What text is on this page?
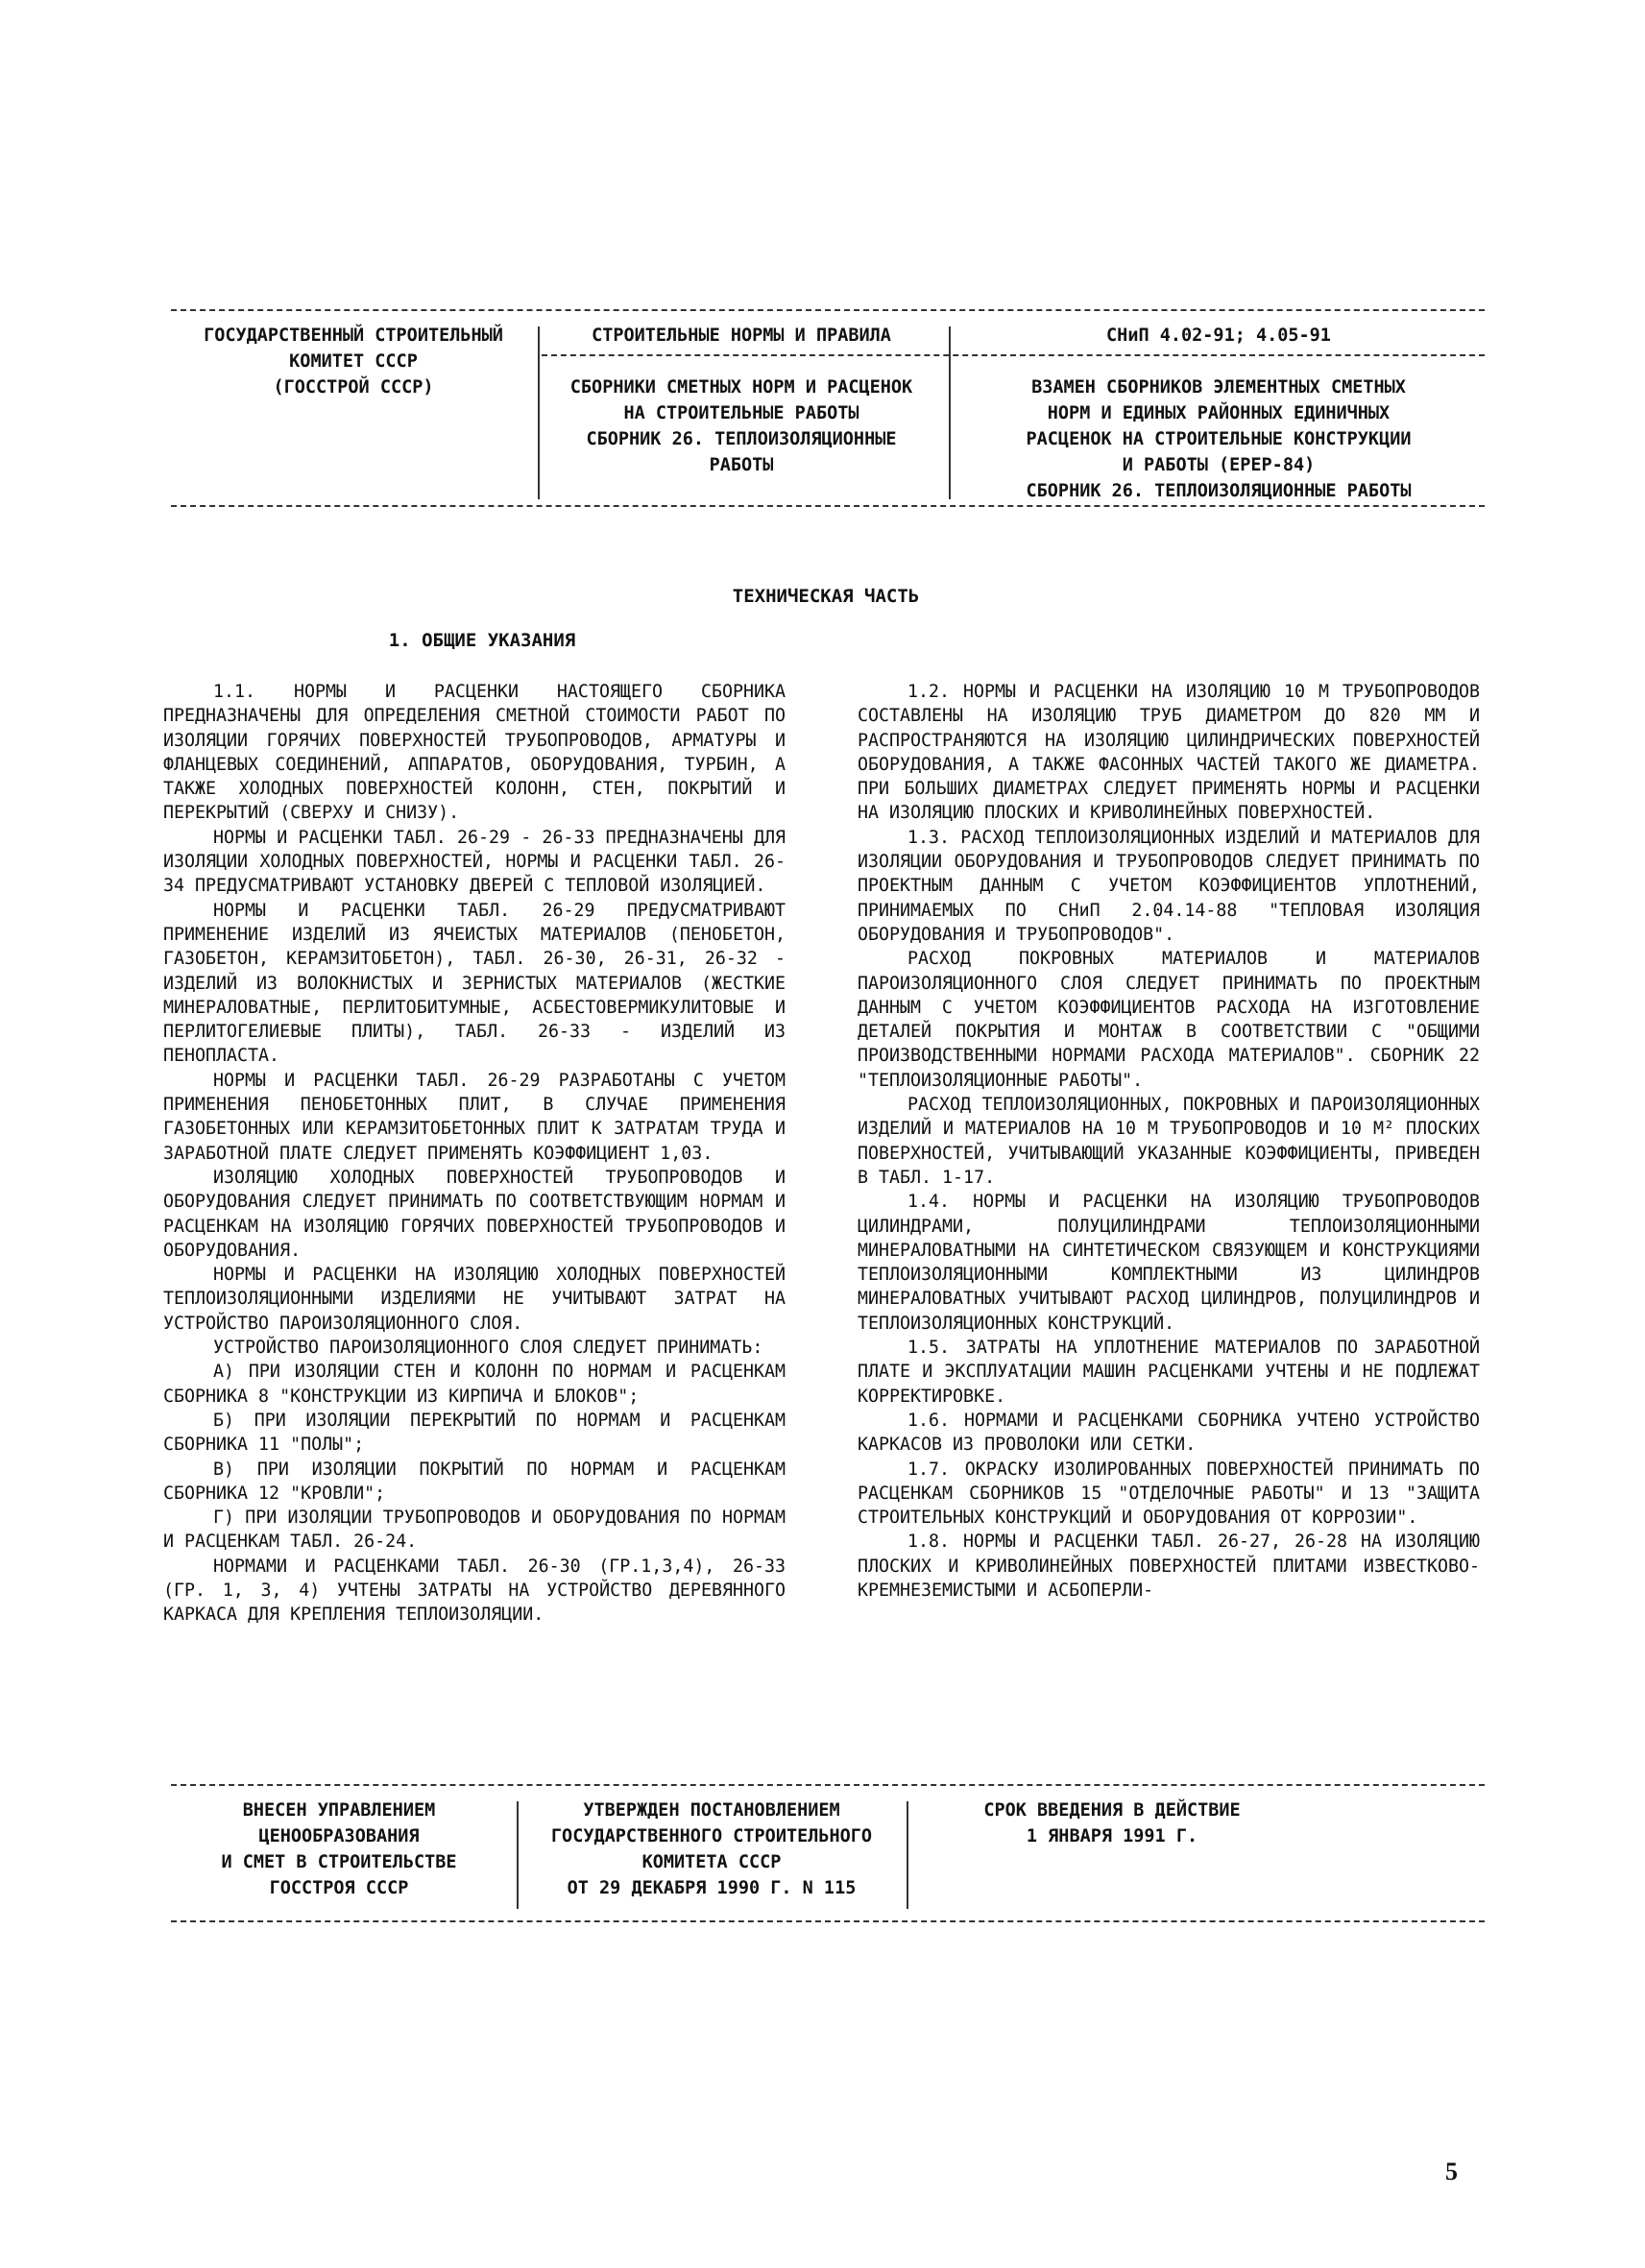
ГОСУДАРСТВЕННЫЙ СТРОИТЕЛЬНЫЙ
КОМИТЕТ СССР
(ГОССТРОЙ СССР)
СТРОИТЕЛЬНЫЕ НОРМЫ И ПРАВИЛА
СБОРНИКИ СМЕТНЫХ НОРМ И РАСЦЕНОК
НА СТРОИТЕЛЬНЫЕ РАБОТЫ
СБОРНИК 26. ТЕПЛОИЗОЛЯЦИОННЫЕ
РАБОТЫ
СНиП 4.02-91; 4.05-91
ВЗАМЕН СБОРНИКОВ ЭЛЕМЕНТНЫХ СМЕТНЫХ
НОРМ И ЕДИНЫХ РАЙОННЫХ ЕДИНИЧНЫХ
РАСЦЕНОК НА СТРОИТЕЛЬНЫЕ КОНСТРУКЦИИ
И РАБОТЫ (ЕРЕР-84)
СБОРНИК 26. ТЕПЛОИЗОЛЯЦИОННЫЕ РАБОТЫ
ТЕХНИЧЕСКАЯ ЧАСТЬ
1. ОБЩИЕ УКАЗАНИЯ

1.1. НОРМЫ И РАСЦЕНКИ НАСТОЯЩЕГО СБОРНИКА ПРЕДНАЗНАЧЕНЫ ДЛЯ ОПРЕДЕЛЕНИЯ СМЕТНОЙ СТОИМОСТИ РАБОТ ПО ИЗОЛЯЦИИ ГОРЯЧИХ ПОВЕРХНОСТЕЙ ТРУБОПРОВОДОВ, АРМАТУРЫ И ФЛАНЦЕВЫХ СОЕДИНЕНИЙ, АППАРАТОВ, ОБОРУДОВАНИЯ, ТУРБИН, А ТАКЖЕ ХОЛОДНЫХ ПОВЕРХНОСТЕЙ КОЛОНН, СТЕН, ПОКРЫТИЙ И ПЕРЕКРЫТИЙ (СВЕРХУ И СНИЗУ).

НОРМЫ И РАСЦЕНКИ ТАБЛ. 26-29 - 26-33 ПРЕДНАЗНАЧЕНЫ ДЛЯ ИЗОЛЯЦИИ ХОЛОДНЫХ ПОВЕРХНОСТЕЙ, НОРМЫ И РАСЦЕНКИ ТАБЛ. 26-34 ПРЕДУСМАТРИВАЮТ УСТАНОВКУ ДВЕРЕЙ С ТЕПЛОВОЙ ИЗОЛЯЦИЕЙ.

НОРМЫ И РАСЦЕНКИ ТАБЛ. 26-29 ПРЕДУСМАТРИВАЮТ ПРИМЕНЕНИЕ ИЗДЕЛИЙ ИЗ ЯЧЕИСТЫХ МАТЕРИАЛОВ (ПЕНОБЕТОН, ГАЗОБЕТОН, КЕРАМЗИТОБЕТОН), ТАБЛ. 26-30, 26-31, 26-32 - ИЗДЕЛИЙ ИЗ ВОЛОКНИСТЫХ И ЗЕРНИСТЫХ МАТЕРИАЛОВ (ЖЕСТКИЕ МИНЕРАЛОВАТНЫЕ, ПЕРЛИТОБИТУМНЫЕ, АСБЕСТОВЕРМИКУЛИТОВЫЕ И ПЕРЛИТОГЕЛИЕВЫЕ ПЛИТЫ), ТАБЛ. 26-33 - ИЗДЕЛИЙ ИЗ ПЕНОПЛАСТА.

НОРМЫ И РАСЦЕНКИ ТАБЛ. 26-29 РАЗРАБОТАНЫ С УЧЕТОМ ПРИМЕНЕНИЯ ПЕНОБЕТОННЫХ ПЛИТ, В СЛУЧАЕ ПРИМЕНЕНИЯ ГАЗОБЕТОННЫХ ИЛИ КЕРАМЗИТОБЕТОННЫХ ПЛИТ К ЗАТРАТАМ ТРУДА И ЗАРАБОТНОЙ ПЛАТЕ СЛЕДУЕТ ПРИМЕНЯТЬ КОЭФФИЦИЕНТ 1,03.

ИЗОЛЯЦИЮ ХОЛОДНЫХ ПОВЕРХНОСТЕЙ ТРУБОПРОВОДОВ И ОБОРУДОВАНИЯ СЛЕДУЕТ ПРИНИМАТЬ ПО СООТВЕТСТВУЮЩИМ НОРМАМ И РАСЦЕНКАМ НА ИЗОЛЯЦИЮ ГОРЯЧИХ ПОВЕРХНОСТЕЙ ТРУБОПРОВОДОВ И ОБОРУДОВАНИЯ.

НОРМЫ И РАСЦЕНКИ НА ИЗОЛЯЦИЮ ХОЛОДНЫХ ПОВЕРХНОСТЕЙ ТЕПЛОИЗОЛЯЦИОННЫМИ ИЗДЕЛИЯМИ НЕ УЧИТЫВАЮТ ЗАТРАТ НА УСТРОЙСТВО ПАРОИЗОЛЯЦИОННОГО СЛОЯ.

УСТРОЙСТВО ПАРОИЗОЛЯЦИОННОГО СЛОЯ СЛЕДУЕТ ПРИНИМАТЬ:

А) ПРИ ИЗОЛЯЦИИ СТЕН И КОЛОНН ПО НОРМАМ И РАСЦЕНКАМ СБОРНИКА 8 "КОНСТРУКЦИИ ИЗ КИРПИЧА И БЛОКОВ";

Б) ПРИ ИЗОЛЯЦИИ ПЕРЕКРЫТИЙ ПО НОРМАМ И РАСЦЕНКАМ СБОРНИКА 11 "ПОЛЫ";

В) ПРИ ИЗОЛЯЦИИ ПОКРЫТИЙ ПО НОРМАМ И РАСЦЕНКАМ СБОРНИКА 12 "КРОВЛИ";

Г) ПРИ ИЗОЛЯЦИИ ТРУБОПРОВОДОВ И ОБОРУДОВАНИЯ ПО НОРМАМ И РАСЦЕНКАМ ТАБЛ. 26-24.

НОРМАМИ И РАСЦЕНКАМИ ТАБЛ. 26-30 (ГР.1,3,4), 26-33 (ГР. 1, 3, 4) УЧТЕНЫ ЗАТРАТЫ НА УСТРОЙСТВО ДЕРЕВЯННОГО КАРКАСА ДЛЯ КРЕПЛЕНИЯ ТЕПЛОИЗОЛЯЦИИ.

1.2. НОРМЫ И РАСЦЕНКИ НА ИЗОЛЯЦИЮ 10 М ТРУБОПРОВОДОВ СОСТАВЛЕНЫ НА ИЗОЛЯЦИЮ ТРУБ ДИАМЕТРОМ ДО 820 ММ И РАСПРОСТРАНЯЮТСЯ НА ИЗОЛЯЦИЮ ЦИЛИНДРИЧЕСКИХ ПОВЕРХНОСТЕЙ ОБОРУДОВАНИЯ, А ТАКЖЕ ФАСОННЫХ ЧАСТЕЙ ТАКОГО ЖЕ ДИАМЕТРА. ПРИ БОЛЬШИХ ДИАМЕТРАХ СЛЕДУЕТ ПРИМЕНЯТЬ НОРМЫ И РАСЦЕНКИ НА ИЗОЛЯЦИЮ ПЛОСКИХ И КРИВОЛИНЕЙНЫХ ПОВЕРХНОСТЕЙ.

1.3. РАСХОД ТЕПЛОИЗОЛЯЦИОННЫХ ИЗДЕЛИЙ И МАТЕРИАЛОВ ДЛЯ ИЗОЛЯЦИИ ОБОРУДОВАНИЯ И ТРУБОПРОВОДОВ СЛЕДУЕТ ПРИНИМАТЬ ПО ПРОЕКТНЫМ ДАННЫМ С УЧЕТОМ КОЭФФИЦИЕНТОВ УПЛОТНЕНИЙ, ПРИНИМАЕМЫХ ПО СНиП 2.04.14-88 "ТЕПЛОВАЯ ИЗОЛЯЦИЯ ОБОРУДОВАНИЯ И ТРУБОПРОВОДОВ".

РАСХОД ПОКРОВНЫХ МАТЕРИАЛОВ И МАТЕРИАЛОВ ПАРОИЗОЛЯЦИОННОГО СЛОЯ СЛЕДУЕТ ПРИНИМАТЬ ПО ПРОЕКТНЫМ ДАННЫМ С УЧЕТОМ КОЭФФИЦИЕНТОВ РАСХОДА НА ИЗГОТОВЛЕНИЕ ДЕТАЛЕЙ ПОКРЫТИЯ И МОНТАЖ В СООТВЕТСТВИИ С "ОБЩИМИ ПРОИЗВОДСТВЕННЫМИ НОРМАМИ РАСХОДА МАТЕРИАЛОВ". СБОРНИК 22 "ТЕПЛОИЗОЛЯЦИОННЫЕ РАБОТЫ".

РАСХОД ТЕПЛОИЗОЛЯЦИОННЫХ, ПОКРОВНЫХ И ПАРОИЗОЛЯЦИОННЫХ ИЗДЕЛИЙ И МАТЕРИАЛОВ НА 10 М ТРУБОПРОВОДОВ И 10 М² ПЛОСКИХ ПОВЕРХНОСТЕЙ, УЧИТЫВАЮЩИЙ УКАЗАННЫЕ КОЭФФИЦИЕНТЫ, ПРИВЕДЕН В ТАБЛ. 1-17.

1.4. НОРМЫ И РАСЦЕНКИ НА ИЗОЛЯЦИЮ ТРУБОПРОВОДОВ ЦИЛИНДРАМИ, ПОЛУЦИЛИНДРАМИ ТЕПЛОИЗОЛЯЦИОННЫМИ МИНЕРАЛОВАТНЫМИ НА СИНТЕТИЧЕСКОМ СВЯЗУЮЩЕМ И КОНСТРУКЦИЯМИ ТЕПЛОИЗОЛЯЦИОННЫМИ КОМПЛЕКТНЫМИ ИЗ ЦИЛИНДРОВ МИНЕРАЛОВАТНЫХ УЧИТЫВАЮТ РАСХОД ЦИЛИНДРОВ, ПОЛУЦИЛИНДРОВ И ТЕПЛОИЗОЛЯЦИОННЫХ КОНСТРУКЦИЙ.

1.5. ЗАТРАТЫ НА УПЛОТНЕНИЕ МАТЕРИАЛОВ ПО ЗАРАБОТНОЙ ПЛАТЕ И ЭКСПЛУАТАЦИИ МАШИН РАСЦЕНКАМИ УЧТЕНЫ И НЕ ПОДЛЕЖАТ КОРРЕКТИРОВКЕ.

1.6. НОРМАМИ И РАСЦЕНКАМИ СБОРНИКА УЧТЕНО УСТРОЙСТВО КАРКАСОВ ИЗ ПРОВОЛОКИ ИЛИ СЕТКИ.

1.7. ОКРАСКУ ИЗОЛИРОВАННЫХ ПОВЕРХНОСТЕЙ ПРИНИМАТЬ ПО РАСЦЕНКАМ СБОРНИКОВ 15 "ОТДЕЛОЧНЫЕ РАБОТЫ" И 13 "ЗАЩИТА СТРОИТЕЛЬНЫХ КОНСТРУКЦИЙ И ОБОРУДОВАНИЯ ОТ КОРРОЗИИ".

1.8. НОРМЫ И РАСЦЕНКИ ТАБЛ. 26-27, 26-28 НА ИЗОЛЯЦИЮ ПЛОСКИХ И КРИВОЛИНЕЙНЫХ ПОВЕРХНОСТЕЙ ПЛИТАМИ ИЗВЕСТКОВО-КРЕМНЕЗЕМИСТЫМИ И АСБОПЕРЛИ-

ВНЕСЕН УПРАВЛЕНИЕМ
ЦЕНООБРАЗОВАНИЯ
И СМЕТ В СТРОИТЕЛЬСТВЕ
ГОССТРОЯ СССР
УТВЕРЖДЕН ПОСТАНОВЛЕНИЕМ
ГОСУДАРСТВЕННОГО СТРОИТЕЛЬНОГО
КОМИТЕТА СССР
ОТ 29 ДЕКАБРЯ 1990 Г. N 115
СРОК ВВЕДЕНИЯ В ДЕЙСТВИЕ
1 ЯНВАРЯ 1991 Г.
5
